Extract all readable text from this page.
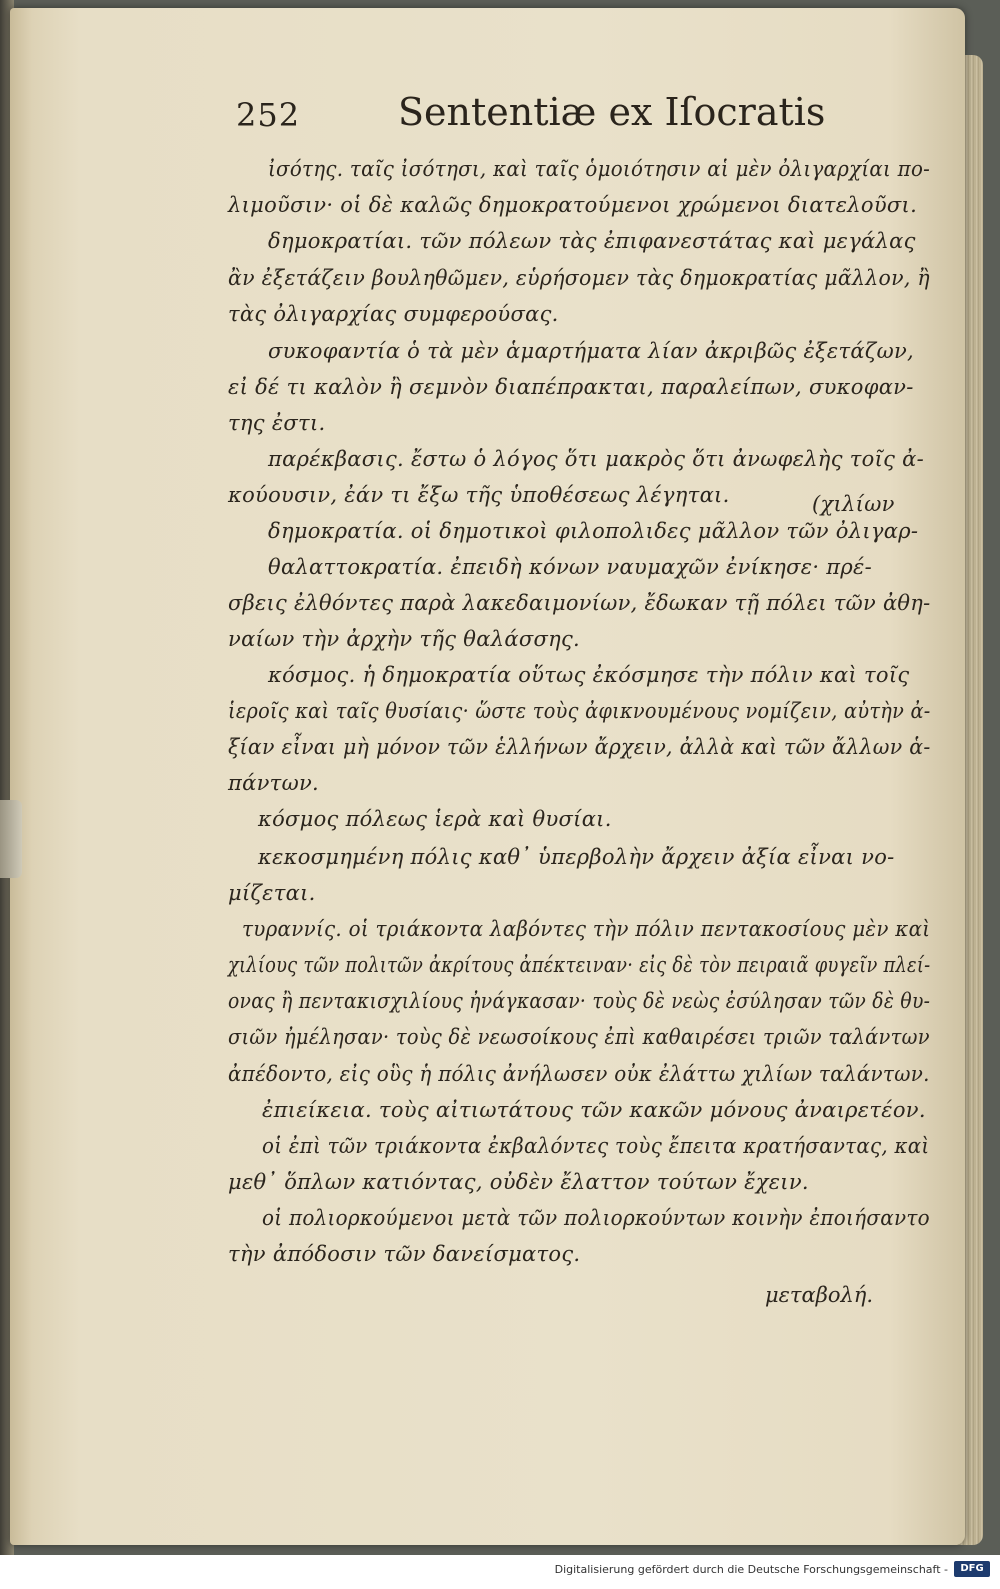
252	Sententiæ ex Iſocratis
ἰσότης. ταῖς ἰσότησι, καὶ ταῖς ὁμοιότησιν αἱ μὲν ὀλιγαρχίαι πο-
λιμοῦσιν· οἱ δὲ καλῶς δημοκρατούμενοι χρώμενοι διατελοῦσι.
δημοκρατίαι. τῶν πόλεων τὰς ἐπιφανεστάτας καὶ μεγάλας
ἂν ἐξετάζειν βουληθῶμεν, εὑρήσομεν τὰς δημοκρατίας μᾶλλον, ἢ
τὰς ὀλιγαρχίας συμφερούσας.
συκοφαντία ὁ τὰ μὲν ἁμαρτήματα λίαν ἀκριβῶς ἐξετάζων,
εἰ δέ τι καλὸν ἢ σεμνὸν διαπέπρακται, παραλείπων, συκοφαν-
της ἐστι.
παρέκβασις. ἔστω ὁ λόγος ὅτι μακρὸς ὅτι ἀνωφελὴς τοῖς ἀ-
κούουσιν, ἐάν τι ἔξω τῆς ὑποθέσεως λέγηται.	(χιλίων
δημοκρατία. οἱ δημοτικοὶ φιλοπολιδες μᾶλλον τῶν ὀλιγαρ-
θαλαττοκρατία. ἐπειδὴ κόνων ναυμαχῶν ἐνίκησε· πρέ-
σβεις ἐλθόντες παρὰ λακεδαιμονίων, ἔδωκαν τῇ πόλει τῶν ἀθη-
ναίων τὴν ἀρχὴν τῆς θαλάσσης.
κόσμος. ἡ δημοκρατία οὕτως ἐκόσμησε τὴν πόλιν καὶ τοῖς
ἱεροῖς καὶ ταῖς θυσίαις· ὥστε τοὺς ἀφικνουμένους νομίζειν, αὐτὴν ἀ-
ξίαν εἶναι μὴ μόνον τῶν ἑλλήνων ἄρχειν, ἀλλὰ καὶ τῶν ἄλλων ἁ-
πάντων.
κόσμος πόλεως ἱερὰ καὶ θυσίαι.
κεκοσμημένη πόλις καθ᾽ ὑπερβολὴν ἄρχειν ἀξία εἶναι νο-
μίζεται.
τυραννίς. οἱ τριάκοντα λαβόντες τὴν πόλιν πεντακοσίους μὲν καὶ
χιλίους τῶν πολιτῶν ἀκρίτους ἀπέκτειναν· εἰς δὲ τὸν πειραιᾶ φυγεῖν πλεί-
ονας ἢ πεντακισχιλίους ἠνάγκασαν· τοὺς δὲ νεὼς ἐσύλησαν τῶν δὲ θυ-
σιῶν ἠμέλησαν· τοὺς δὲ νεωσοίκους ἐπὶ καθαιρέσει τριῶν ταλάντων
ἀπέδοντο, εἰς οὓς ἡ πόλις ἀνήλωσεν οὐκ ἐλάττω χιλίων ταλάντων.
ἐπιείκεια. τοὺς αἰτιωτάτους τῶν κακῶν μόνους ἀναιρετέον.
οἱ ἐπὶ τῶν τριάκοντα ἐκβαλόντες τοὺς ἔπειτα κρατήσαντας, καὶ
μεθ᾽ ὅπλων κατιόντας, οὐδὲν ἔλαττον τούτων ἔχειν.
οἱ πολιορκούμενοι μετὰ τῶν πολιορκούντων κοινὴν ἐποιήσαντο
τὴν ἀπόδοσιν τῶν δανείσματος.
μεταβολή.
Digitalisierung gefördert durch die Deutsche Forschungsgemeinschaft -	DFG
